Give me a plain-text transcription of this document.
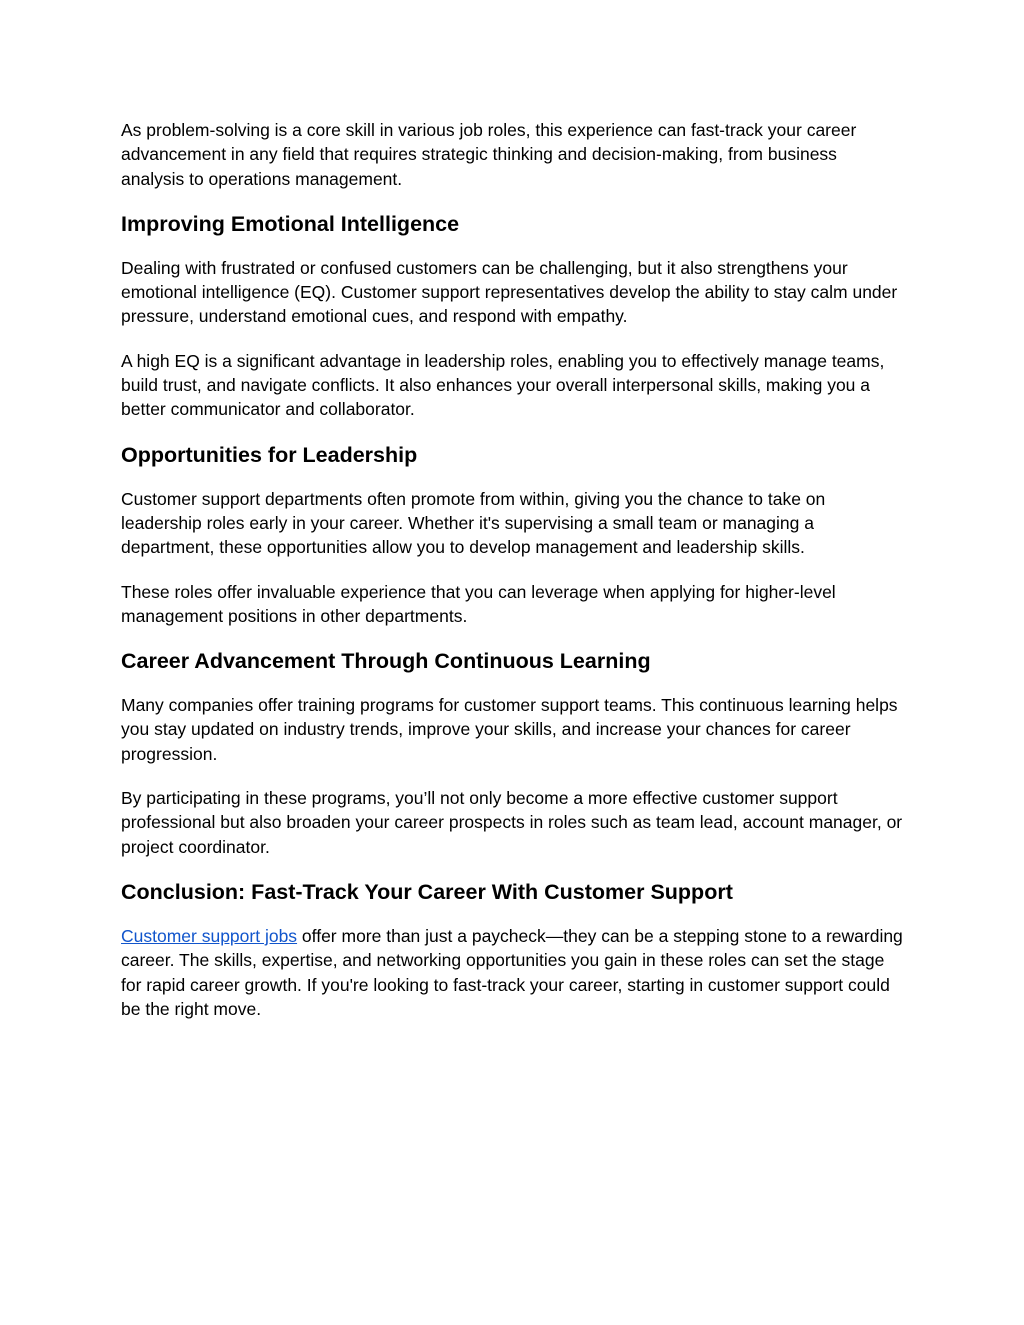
As problem-solving is a core skill in various job roles, this experience can fast-track your career advancement in any field that requires strategic thinking and decision-making, from business analysis to operations management.

Improving Emotional Intelligence

Dealing with frustrated or confused customers can be challenging, but it also strengthens your emotional intelligence (EQ). Customer support representatives develop the ability to stay calm under pressure, understand emotional cues, and respond with empathy.

A high EQ is a significant advantage in leadership roles, enabling you to effectively manage teams, build trust, and navigate conflicts. It also enhances your overall interpersonal skills, making you a better communicator and collaborator.

Opportunities for Leadership

Customer support departments often promote from within, giving you the chance to take on leadership roles early in your career. Whether it's supervising a small team or managing a department, these opportunities allow you to develop management and leadership skills.

These roles offer invaluable experience that you can leverage when applying for higher-level management positions in other departments.

Career Advancement Through Continuous Learning

Many companies offer training programs for customer support teams. This continuous learning helps you stay updated on industry trends, improve your skills, and increase your chances for career progression.

By participating in these programs, you’ll not only become a more effective customer support professional but also broaden your career prospects in roles such as team lead, account manager, or project coordinator.

Conclusion: Fast-Track Your Career With Customer Support

Customer support jobs offer more than just a paycheck—they can be a stepping stone to a rewarding career. The skills, expertise, and networking opportunities you gain in these roles can set the stage for rapid career growth. If you're looking to fast-track your career, starting in customer support could be the right move.
